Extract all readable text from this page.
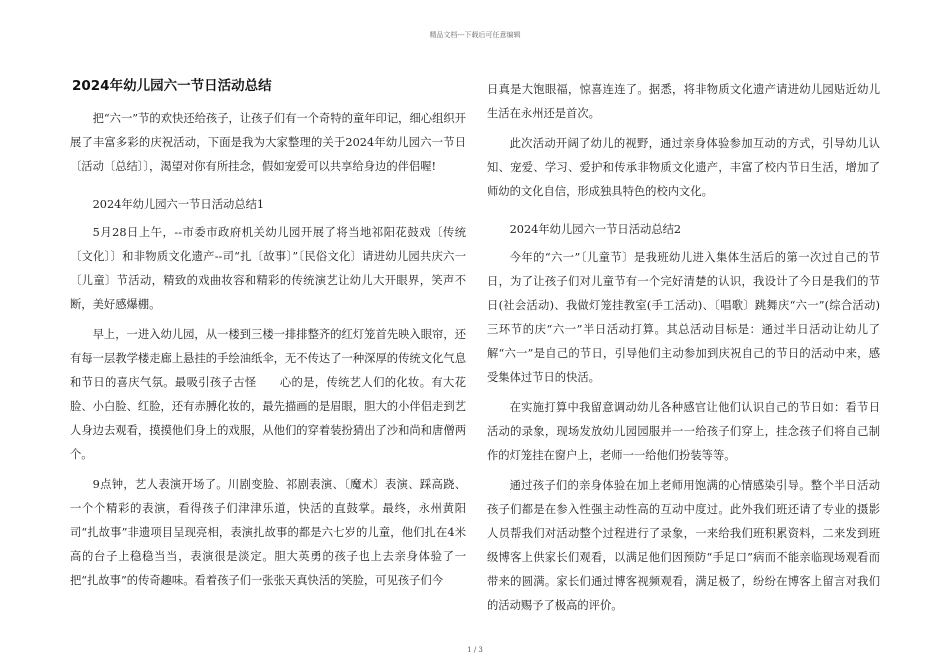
精品文档---下载后可任意编辑
2024年幼儿园六一节日活动总结

把“六一”节的欢快还给孩子，让孩子们有一个奇特的童年印记，细心组织开展了丰富多彩的庆祝活动，下面是我为大家整理的关于2024年幼儿园六一节日〔活动〔总结〕〕，渴望对你有所挂念，假如宠爱可以共享给身边的伴侣喔!

2024年幼儿园六一节日活动总结1

5月28日上午，--市委市政府机关幼儿园开展了将当地祁阳花鼓戏〔传统〔文化〕〕和非物质文化遗产--司“扎〔故事〕”〔民俗文化〕请进幼儿园共庆六一〔儿童〕节活动，精致的戏曲妆容和精彩的传统演艺让幼儿大开眼界，笑声不断，美好感爆棚。

早上，一进入幼儿园，从一楼到三楼一排排整齐的红灯笼首先映入眼帘，还有每一层教学楼走廊上悬挂的手绘油纸伞，无不传达了一种深厚的传统文化气息和节日的喜庆气氛。最吸引孩子古怪　　心的是，传统艺人们的化妆。有大花脸、小白脸、红脸，还有赤膊化妆的，最先描画的是眉眼，胆大的小伴侣走到艺人身边去观看，摸摸他们身上的戏服，从他们的穿着装扮猜出了沙和尚和唐僧两个。

9点钟，艺人表演开场了。川剧变脸、祁剧表演、〔魔术〕表演、踩高跷、一个个精彩的表演，看得孩子们津津乐道，快活的直鼓掌。最终，永州黄阳司“扎故事”非遗项目呈现亮相，表演扎故事的都是六七岁的儿童，他们扎在4米高的台子上稳稳当当，表演很是淡定。胆大英勇的孩子也上去亲身体验了一把“扎故事”的传奇趣味。看着孩子们一张张天真快活的笑脸，可见孩子们今

日真是大饱眼福，惊喜连连了。据悉，将非物质文化遗产请进幼儿园贴近幼儿生活在永州还是首次。

此次活动开阔了幼儿的视野，通过亲身体验参加互动的方式，引导幼儿认知、宠爱、学习、爱护和传承非物质文化遗产，丰富了校内节日生活，增加了师幼的文化自信，形成独具特色的校内文化。

2024年幼儿园六一节日活动总结2

今年的“六一”〔儿童节〕是我班幼儿进入集体生活后的第一次过自己的节日，为了让孩子们对儿童节有一个完好清楚的认识，我设计了今日是我们的节日(社会活动)、我做灯笼挂教室(手工活动)、〔唱歌〕跳舞庆“六一”(综合活动)三环节的庆“六一”半日活动打算。其总活动目标是：通过半日活动让幼儿了解“六一”是自己的节日，引导他们主动参加到庆祝自己的节日的活动中来，感受集体过节日的快活。

在实施打算中我留意调动幼儿各种感官让他们认识自己的节日如：看节日活动的录象，现场发放幼儿园园服并一一给孩子们穿上，挂念孩子们将自己制作的灯笼挂在窗户上，老师一一给他们扮装等等。

通过孩子们的亲身体验在加上老师用饱满的心情感染引导。整个半日活动孩子们都是在参入性强主动性高的互动中度过。此外我们班还请了专业的摄影人员帮我们对活动整个过程进行了录象，一来给我们班积累资料，二来发到班级博客上供家长们观看，以满足他们因预防“手足口”病而不能亲临现场观看而带来的圆满。家长们通过博客视频观看，满足极了，纷纷在博客上留言对我们的活动赐予了极高的评价。

1 / 3
